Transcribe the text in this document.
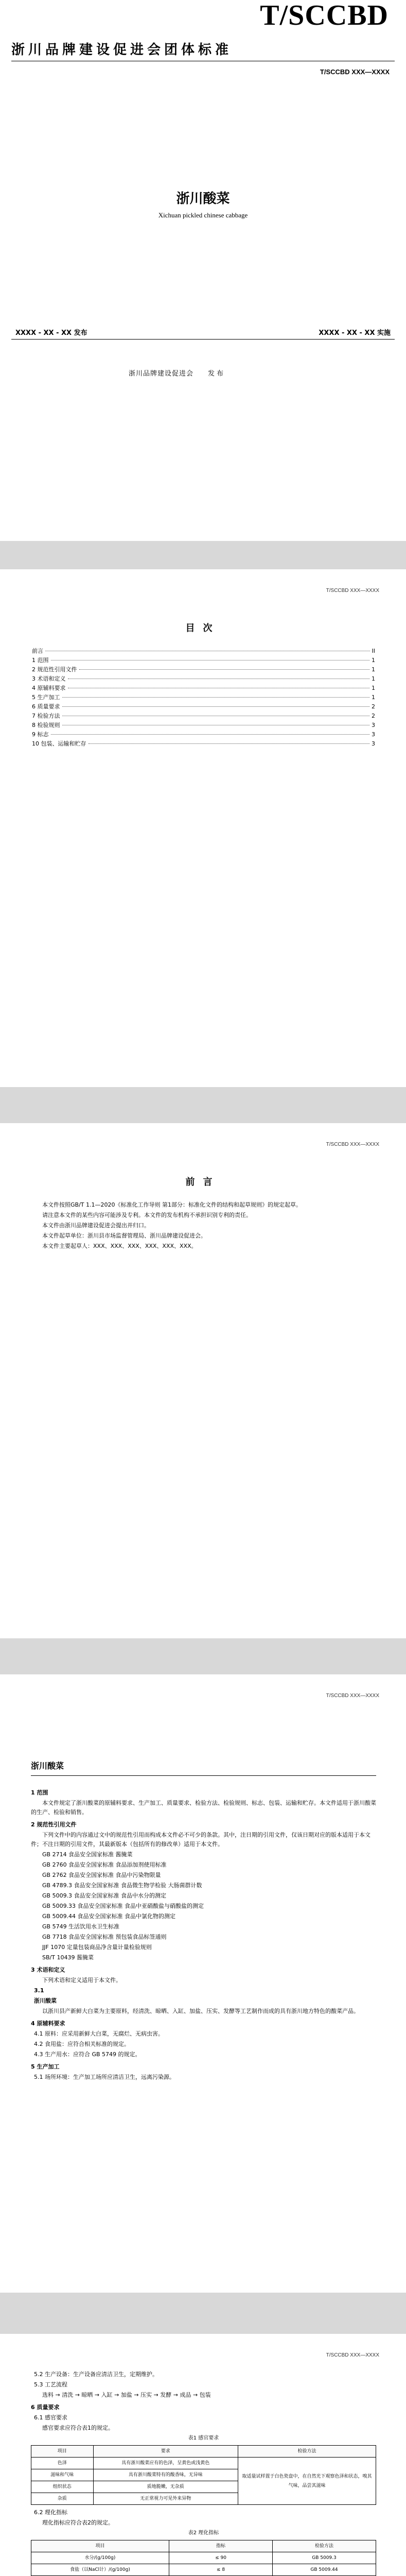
T/SCCBD
浙川品牌建设促进会团体标准
T/SCCBD XXX—XXXX
浙川酸菜
Xichuan pickled chinese cabbage
XXXX - XX - XX 发布	XXXX - XX - XX 实施
浙川品牌建设促进会 发布
T/SCCBD XXX—XXXX
目次
前言	II
1 范围	1
2 规范性引用文件	1
3 术语和定义	1
4 原辅料要求	1
5 生产加工	1
6 质量要求	2
7 检验方法	2
8 检验规则	3
9 标志	3
10 包装、运输和贮存	3
T/SCCBD XXX—XXXX
前言

本文件按照GB/T 1.1—2020《标准化工作导则 第1部分：标准化文件的结构和起草规则》的规定起草。

请注意本文件的某些内容可能涉及专利。本文件的发布机构不承担识别专利的责任。

本文件由浙川品牌建设促进会提出并归口。

本文件起草单位：浙川县市场监督管理局、浙川品牌建设促进会。

本文件主要起草人：XXX、XXX、XXX、XXX、XXX、XXX。

T/SCCBD XXX—XXXX
浙川酸菜

1 范围

本文件规定了浙川酸菜的原辅料要求、生产加工、质量要求、检验方法、检验规则、标志、包装、运输和贮存。本文件适用于浙川酸菜的生产、检验和销售。

2 规范性引用文件

下列文件中的内容通过文中的规范性引用而构成本文件必不可少的条款。其中，注日期的引用文件，仅该日期对应的版本适用于本文件；不注日期的引用文件，其最新版本（包括所有的修改单）适用于本文件。

GB 2714 食品安全国家标准 酱腌菜

GB 2760 食品安全国家标准 食品添加剂使用标准

GB 2762 食品安全国家标准 食品中污染物限量

GB 4789.3 食品安全国家标准 食品微生物学检验 大肠菌群计数

GB 5009.3 食品安全国家标准 食品中水分的测定

GB 5009.33 食品安全国家标准 食品中亚硝酸盐与硝酸盐的测定

GB 5009.44 食品安全国家标准 食品中氯化物的测定

GB 5749 生活饮用水卫生标准

GB 7718 食品安全国家标准 预包装食品标签通则

JJF 1070 定量包装商品净含量计量检验规则

SB/T 10439 酱腌菜

3 术语和定义

下列术语和定义适用于本文件。

3.1

浙川酸菜

以浙川县产新鲜大白菜为主要原料，经清洗、晾晒、入缸、加盐、压实、发酵等工艺制作而成的具有浙川地方特色的酸菜产品。

4 原辅料要求

4.1 原料：应采用新鲜大白菜，无腐烂、无病虫害。

4.2 食用盐：应符合相关标准的规定。

4.3 生产用水：应符合 GB 5749 的规定。

5 生产加工

5.1 场所环境：生产加工场所应清洁卫生，远离污染源。

T/SCCBD XXX—XXXX

5.2 生产设备：生产设备应清洁卫生，定期维护。

5.3 工艺流程

选料 → 清洗 → 晾晒 → 入缸 → 加盐 → 压实 → 发酵 → 成品 → 包装

6 质量要求

6.1 感官要求

感官要求应符合表1的规定。

表1 感官要求

项目	要求	检验方法
色泽	具有浙川酸菜应有的色泽，呈黄色或浅黄色	取适量试样置于白色瓷盘中，在自然光下观察色泽和状态，嗅其气味，品尝其滋味
滋味和气味	具有浙川酸菜特有的酸香味，无异味	
组织状态	质地脆嫩，无杂质	
杂质	无正常视力可见外来异物	

6.2 理化指标

理化指标应符合表2的规定。

表2 理化指标

项目	指标	检验方法
水分/(g/100g)	≤ 90	GB 5009.3
食盐（以NaCl计）/(g/100g)	≤ 8	GB 5009.44
